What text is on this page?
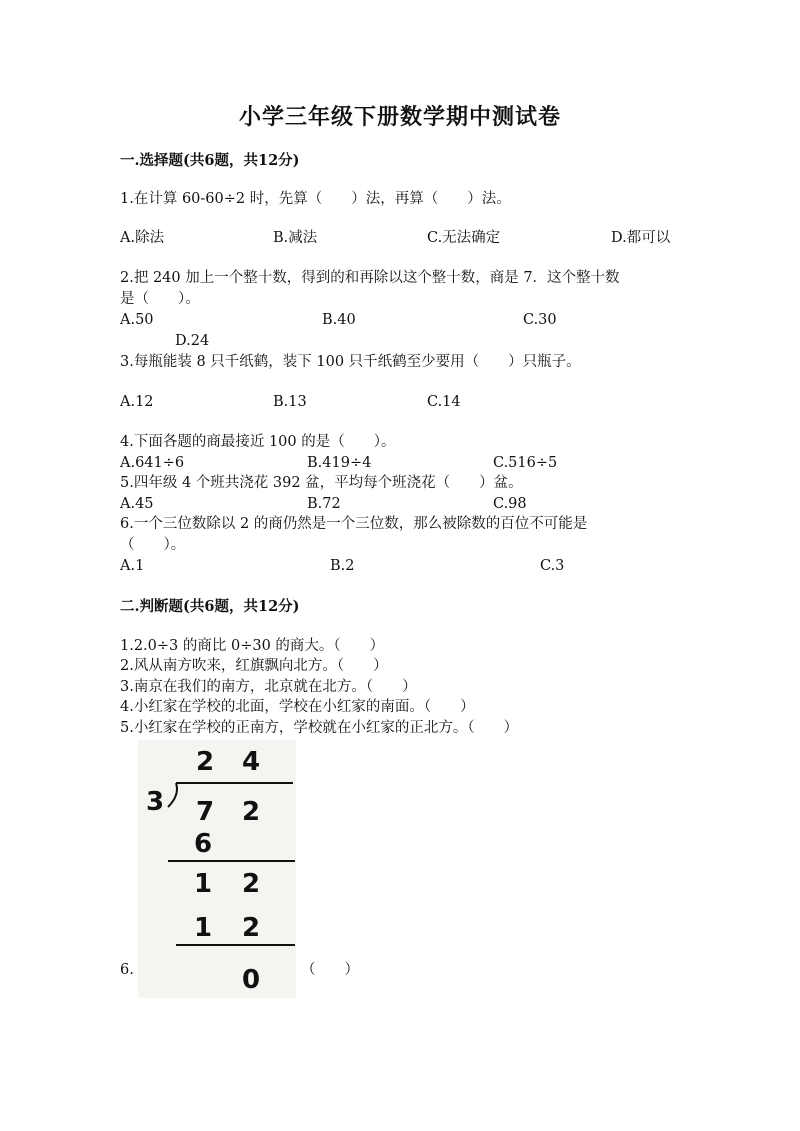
小学三年级下册数学期中测试卷
一.选择题(共6题，共12分)
1.在计算 60-60÷2 时，先算（　　）法，再算（　　）法。
A.除法	B.减法	C.无法确定	D.都可以
2.把 240 加上一个整十数，得到的和再除以这个整十数，商是 7．这个整十数
是（　　）。
A.50	B.40	C.30
D.24
3.每瓶能装 8 只千纸鹤，装下 100 只千纸鹤至少要用（　　）只瓶子。
A.12	B.13	C.14
4.下面各题的商最接近 100 的是（　　）。
A.641÷6	B.419÷4	C.516÷5
5.四年级 4 个班共浇花 392 盆，平均每个班浇花（　　）盆。
A.45	B.72	C.98
6.一个三位数除以 2 的商仍然是一个三位数，那么被除数的百位不可能是
（　　）。
A.1	B.2	C.3
二.判断题(共6题，共12分)
1.2.0÷3 的商比 0÷30 的商大。（　　）
2.风从南方吹来，红旗飘向北方。（　　）
3.南京在我们的南方，北京就在北方。（　　）
4.小红家在学校的北面，学校在小红家的南面。（　　）
5.小红家在学校的正南方，学校就在小红家的正北方。（　　）
6.
2 4
3 7 2
6
1 2
1 2
0	（　　）
